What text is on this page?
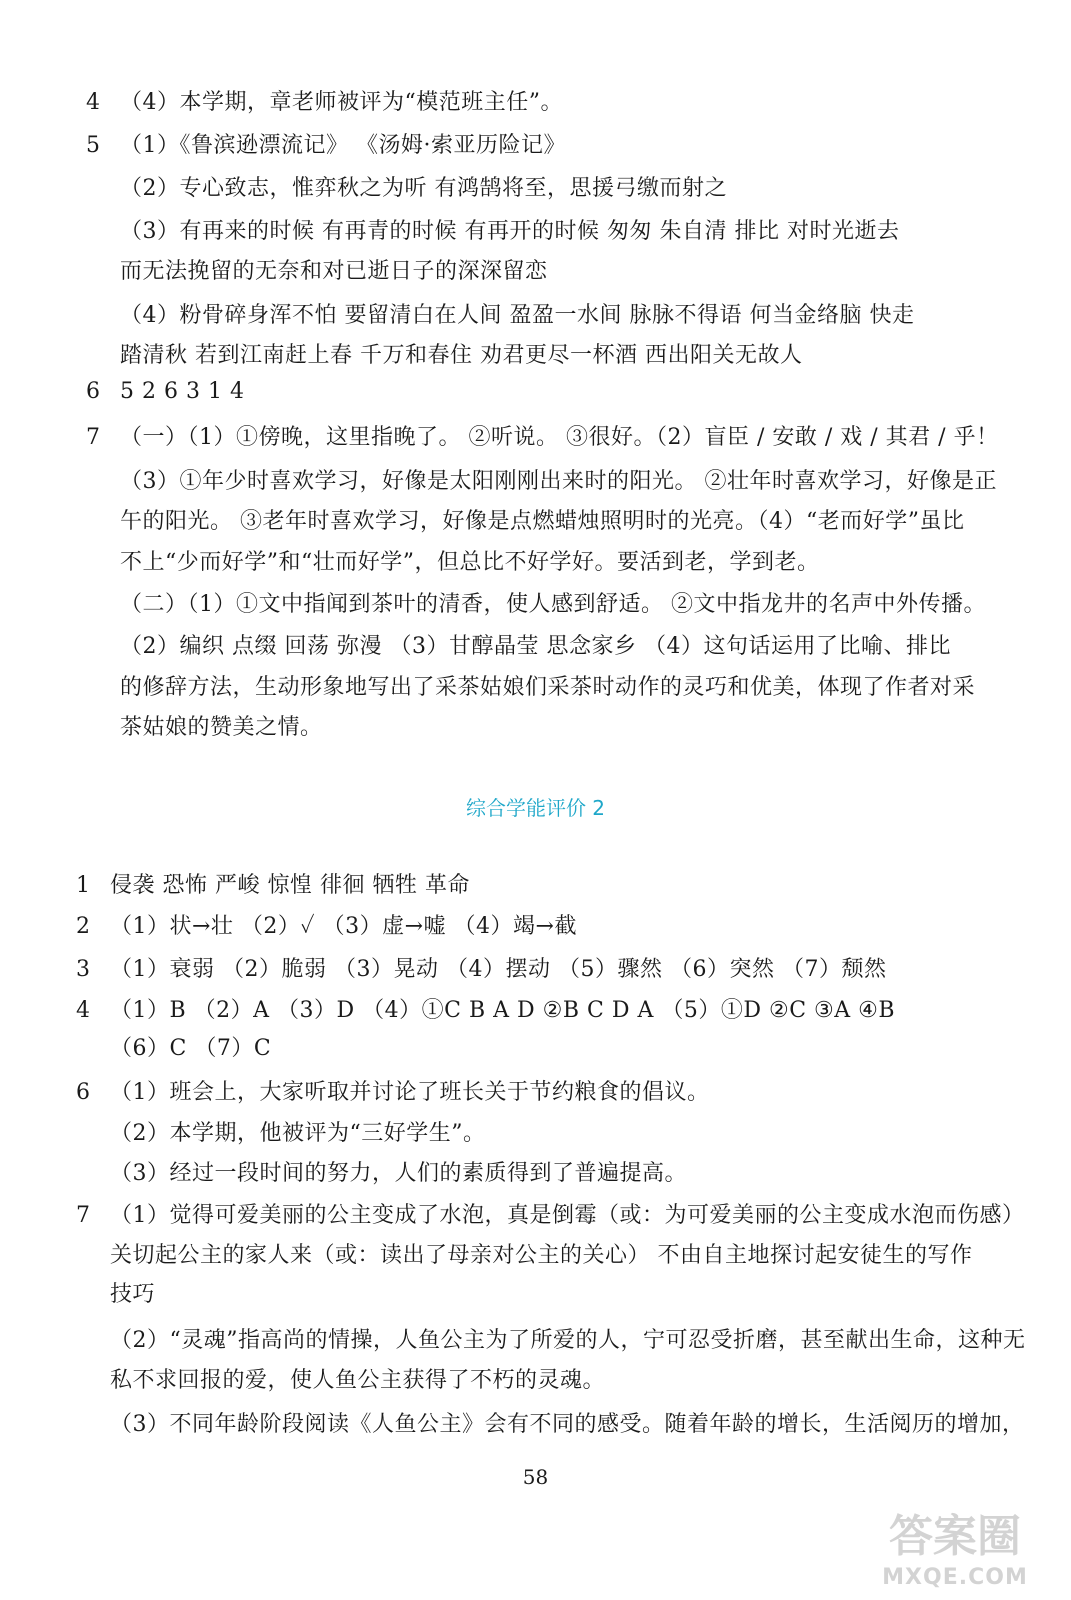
4 （4）本学期，章老师被评为“模范班主任”。
5 （1）《鲁滨逊漂流记》 《汤姆·索亚历险记》
（2）专心致志，惟弈秋之为听 有鸿鹄将至，思援弓缴而射之
（3）有再来的时候 有再青的时候 有再开的时候 匆匆 朱自清 排比 对时光逝去
而无法挽留的无奈和对已逝日子的深深留恋
（4）粉骨碎身浑不怕 要留清白在人间 盈盈一水间 脉脉不得语 何当金络脑 快走
踏清秋 若到江南赶上春 千万和春住 劝君更尽一杯酒 西出阳关无故人
6 5 2 6 3 1 4
7 （一）（1）①傍晚，这里指晚了。 ②听说。 ③很好。（2）盲臣 / 安敢 / 戏 / 其君 / 乎！
（3）①年少时喜欢学习，好像是太阳刚刚出来时的阳光。 ②壮年时喜欢学习，好像是正
午的阳光。 ③老年时喜欢学习，好像是点燃蜡烛照明时的光亮。（4）“老而好学”虽比
不上“少而好学”和“壮而好学”，但总比不好学好。要活到老，学到老。
（二）（1）①文中指闻到茶叶的清香，使人感到舒适。 ②文中指龙井的名声中外传播。
（2）编织 点缀 回荡 弥漫 （3）甘醇晶莹 思念家乡 （4）这句话运用了比喻、排比
的修辞方法，生动形象地写出了采茶姑娘们采茶时动作的灵巧和优美，体现了作者对采
茶姑娘的赞美之情。
综合学能评价 2
1 侵袭 恐怖 严峻 惊惶 徘徊 牺牲 革命
2 （1）状→壮 （2）✓ （3）虚→嘘 （4）竭→截
3 （1）衰弱 （2）脆弱 （3）晃动 （4）摆动 （5）骤然 （6）突然 （7）颓然
4 （1）B （2）A （3）D （4）①C B A D ②B C D A （5）①D ②C ③A ④B
（6）C （7）C
6 （1）班会上，大家听取并讨论了班长关于节约粮食的倡议。
（2）本学期，他被评为“三好学生”。
（3）经过一段时间的努力，人们的素质得到了普遍提高。
7 （1）觉得可爱美丽的公主变成了水泡，真是倒霉（或：为可爱美丽的公主变成水泡而伤感）
关切起公主的家人来（或：读出了母亲对公主的关心） 不由自主地探讨起安徒生的写作
技巧
（2）“灵魂”指高尚的情操，人鱼公主为了所爱的人，宁可忍受折磨，甚至献出生命，这种无
私不求回报的爱，使人鱼公主获得了不朽的灵魂。
（3）不同年龄阶段阅读《人鱼公主》会有不同的感受。随着年龄的增长，生活阅历的增加，
58
答案圈
MXQE.COM
